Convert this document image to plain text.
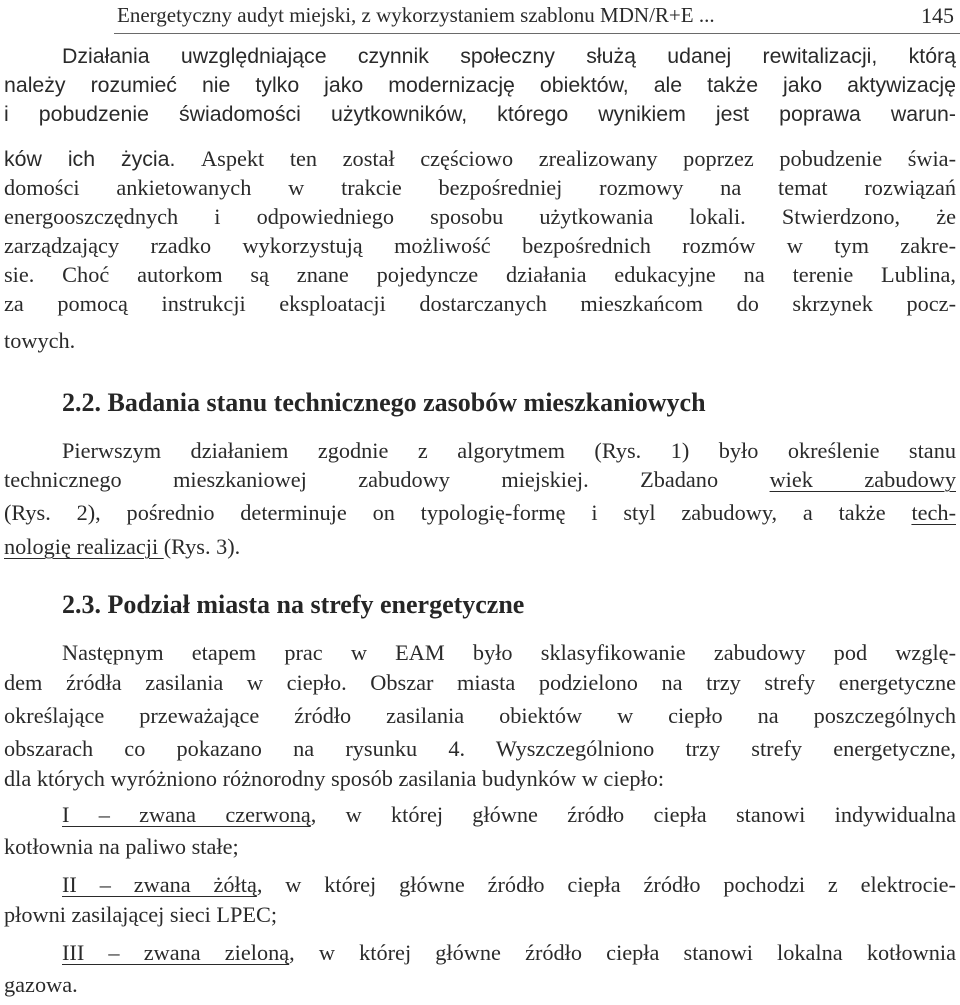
Energetyczny audyt miejski, z wykorzystaniem szablonu MDN/R+E ...	145
Działania uwzględniające czynnik społeczny służą udanej rewitalizacji, którą
należy rozumieć nie tylko jako modernizację obiektów, ale także jako aktywizację
i pobudzenie świadomości użytkowników, którego wynikiem jest poprawa warun-
ków ich życia. Aspekt ten został częściowo zrealizowany poprzez pobudzenie świa-
domości ankietowanych w trakcie bezpośredniej rozmowy na temat rozwiązań
energooszczędnych i odpowiedniego sposobu użytkowania lokali. Stwierdzono, że
zarządzający rzadko wykorzystują możliwość bezpośrednich rozmów w tym zakre-
sie. Choć autorkom są znane pojedyncze działania edukacyjne na terenie Lublina,
za pomocą instrukcji eksploatacji dostarczanych mieszkańcom do skrzynek pocz-
towych.
2.2. Badania stanu technicznego zasobów mieszkaniowych
Pierwszym działaniem zgodnie z algorytmem (Rys. 1) było określenie stanu
technicznego mieszkaniowej zabudowy miejskiej. Zbadano wiek zabudowy
(Rys. 2), pośrednio determinuje on typologię-formę i styl zabudowy, a także tech-
nologię realizacji (Rys. 3).
2.3. Podział miasta na strefy energetyczne
Następnym etapem prac w EAM było sklasyfikowanie zabudowy pod wzglę-
dem źródła zasilania w ciepło. Obszar miasta podzielono na trzy strefy energetyczne
określające przeważające źródło zasilania obiektów w ciepło na poszczególnych
obszarach co pokazano na rysunku 4. Wyszczególniono trzy strefy energetyczne,
dla których wyróżniono różnorodny sposób zasilania budynków w ciepło:
I – zwana czerwoną, w której główne źródło ciepła stanowi indywidualna
kotłownia na paliwo stałe;
II – zwana żółtą, w której główne źródło ciepła źródło pochodzi z elektrocie-
płowni zasilającej sieci LPEC;
III – zwana zieloną, w której główne źródło ciepła stanowi lokalna kotłownia
gazowa.
